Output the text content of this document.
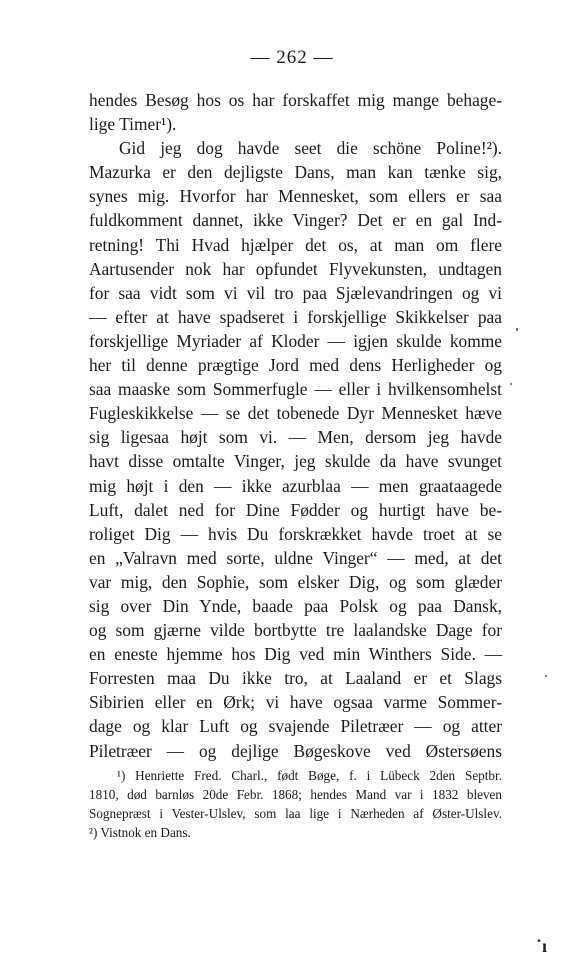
— 262 —
hendes Besøg hos os har forskaffet mig mange behage-
lige Timer¹).
Gid jeg dog havde seet die schöne Poline!²).
Mazurka er den dejligste Dans, man kan tænke sig,
synes mig. Hvorfor har Mennesket, som ellers er saa
fuldkomment dannet, ikke Vinger? Det er en gal Ind-
retning! Thi Hvad hjælper det os, at man om flere
Aartusender nok har opfundet Flyvekunsten, undtagen
for saa vidt som vi vil tro paa Sjælevandringen og vi
— efter at have spadseret i forskjellige Skikkelser paa
forskjellige Myriader af Kloder — igjen skulde komme
her til denne prægtige Jord med dens Herligheder og
saa maaske som Sommerfugle — eller i hvilkensomhelst
Fugleskikkelse — se det tobenede Dyr Mennesket hæve
sig ligesaa højt som vi. — Men, dersom jeg havde
havt disse omtalte Vinger, jeg skulde da have svunget
mig højt i den — ikke azurblaa — men graataagede
Luft, dalet ned for Dine Fødder og hurtigt have be-
roliget Dig — hvis Du forskrækket havde troet at se
en „Valravn med sorte, uldne Vinger“ — med, at det
var mig, den Sophie, som elsker Dig, og som glæder
sig over Din Ynde, baade paa Polsk og paa Dansk,
og som gjærne vilde bortbytte tre laalandske Dage for
en eneste hjemme hos Dig ved min Winthers Side. —
Forresten maa Du ikke tro, at Laaland er et Slags
Sibirien eller en Ørk; vi have ogsaa varme Sommer-
dage og klar Luft og svajende Piletræer — og atter
Piletræer — og dejlige Bøgeskove ved Østersøens
¹) Henriette Fred. Charl., født Bøge, f. i Lübeck 2den Septbr.
1810, død barnløs 20de Febr. 1868; hendes Mand var i 1832 bleven
Sognepræst i Vester-Ulslev, som laa lige i Nærheden af Øster-Ulslev.
²) Vistnok en Dans.
˙ı
